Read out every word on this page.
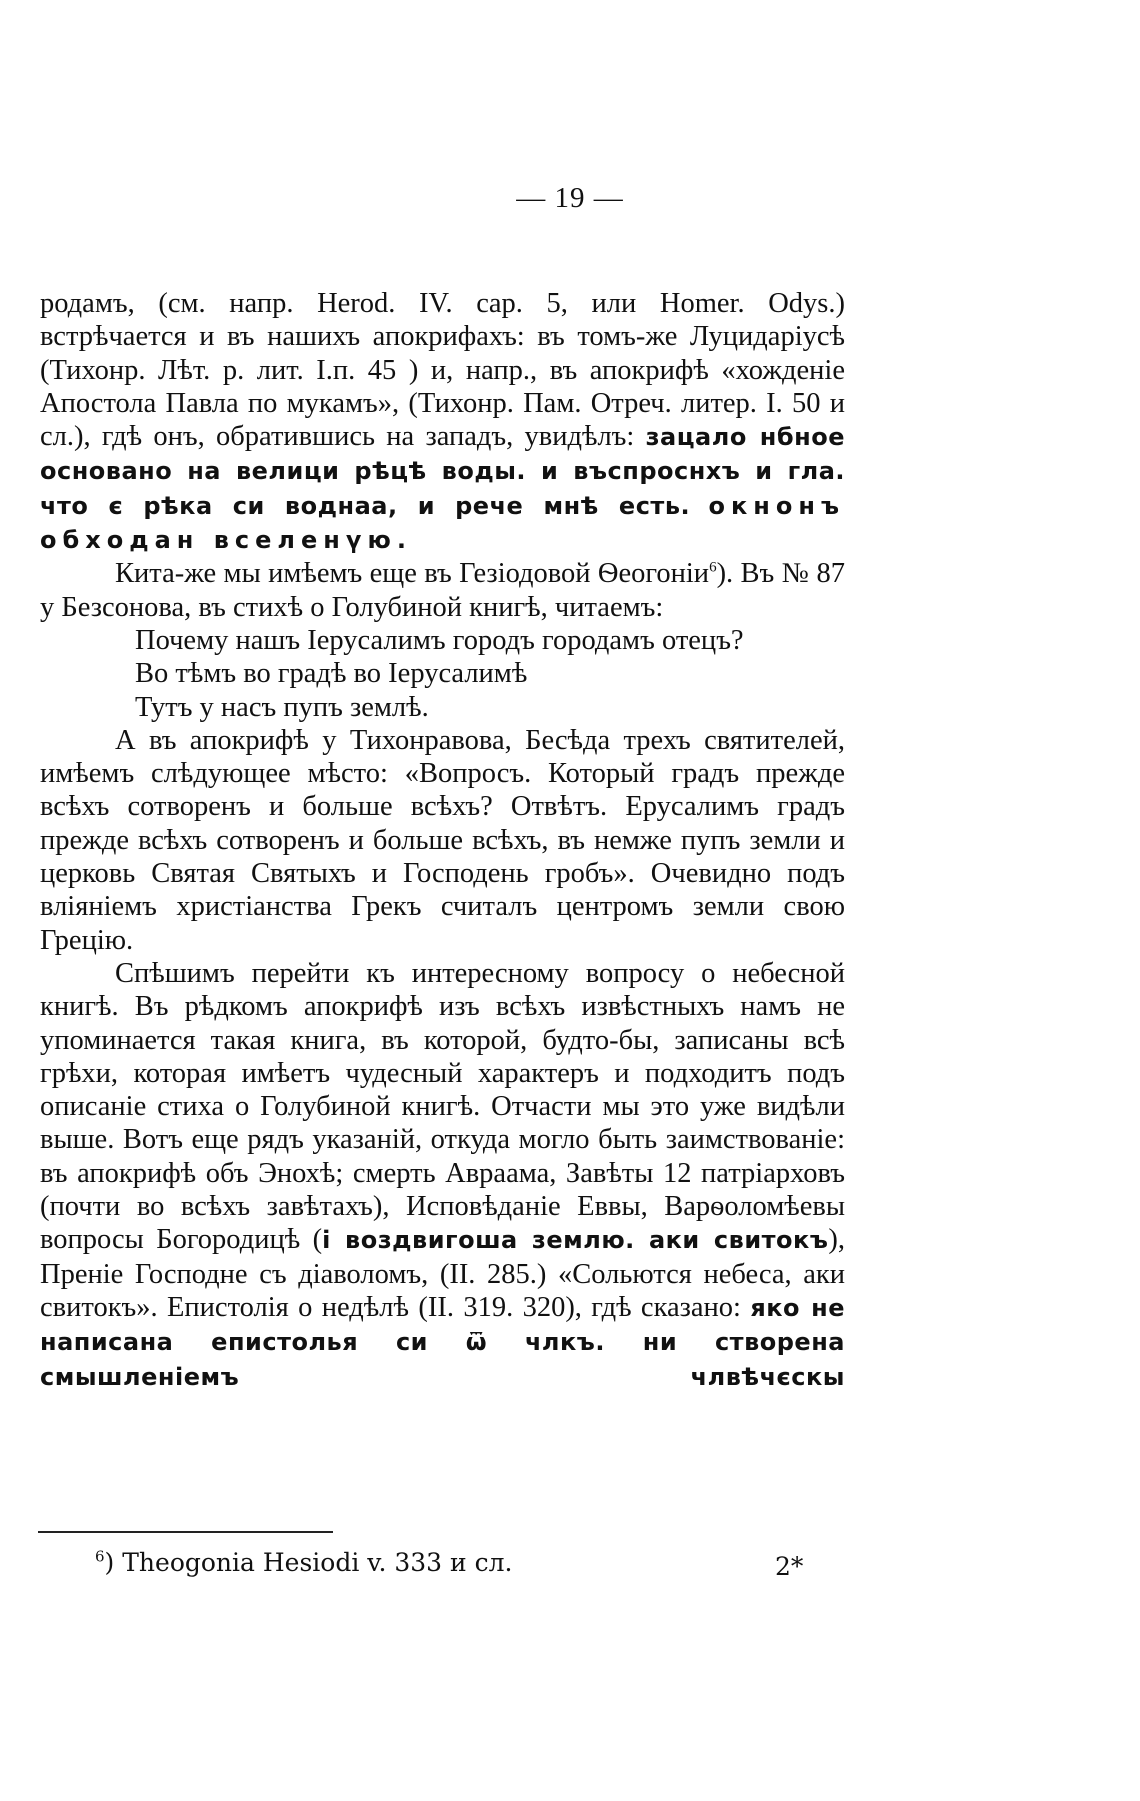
— 19 —

родамъ, (см. напр. Herod. IV. cap. 5, или Homer. Odys.) встрѣчается и въ нашихъ апокрифахъ: въ томъ-же Луцидаріусѣ (Тихонр. Лѣт. р. лит. I.п. 45 ) и, напр., въ апокрифѣ «хожденіе Апостола Павла по мукамъ», (Тихонр. Пам. Отреч. литер. I. 50 и сл.), гдѣ онъ, обратившись на западъ, увидѣлъ: зацало нбное основано на велици рѣцѣ воды. и въспроснхъ и гла. что є рѣка си воднаа, и рече мнѣ есть. окнонъ обходан вселенүю.

Кита-же мы имѣемъ еще въ Гезіодовой Ѳеогоніи$^6$). Въ № 87 у Безсонова, въ стихѣ о Голубиной книгѣ, читаемъ:

Почему нашъ Іерусалимъ городъ городамъ отецъ?
Во тѣмъ во градѣ во Іерусалимѣ
Тутъ у насъ пупъ землѣ.

А въ апокрифѣ у Тихонравова, Бесѣда трехъ святителей, имѣемъ слѣдующее мѣсто: «Вопросъ. Который градъ прежде всѣхъ сотворенъ и больше всѣхъ? Отвѣтъ. Ерусалимъ градъ прежде всѣхъ сотворенъ и больше всѣхъ, въ немже пупъ земли и церковь Святая Святыхъ и Господень гробъ». Очевидно подъ вліяніемъ христіанства Грекъ считалъ центромъ земли свою Грецію.

Спѣшимъ перейти къ интересному вопросу о небесной книгѣ. Въ рѣдкомъ апокрифѣ изъ всѣхъ извѣстныхъ намъ не упоминается такая книга, въ которой, будто-бы, записаны всѣ грѣхи, которая имѣетъ чудесный характеръ и подходитъ подъ описаніе стиха о Голубиной книгѣ. Отчасти мы это уже видѣли выше. Вотъ еще рядъ указаній, откуда могло быть заимствованіе: въ апокрифѣ объ Энохѣ; смерть Авраама, Завѣты 12 патріарховъ (почти во всѣхъ завѣтахъ), Исповѣданіе Еввы, Варѳоломѣевы вопросы Богородицѣ (і воздвигоша землю. аки свитокъ), Преніе Господне съ діаволомъ, (II. 285.) «Сольются небеса, аки свитокъ». Епистолія о недѣлѣ (II. 319. 320), гдѣ сказано: яко не написана епистолья си ѿ члкъ. ни створена смышленіемъ члвѣчєскы

$^6$) Theogonia Hesiodi v. 333 и сл.	2*
